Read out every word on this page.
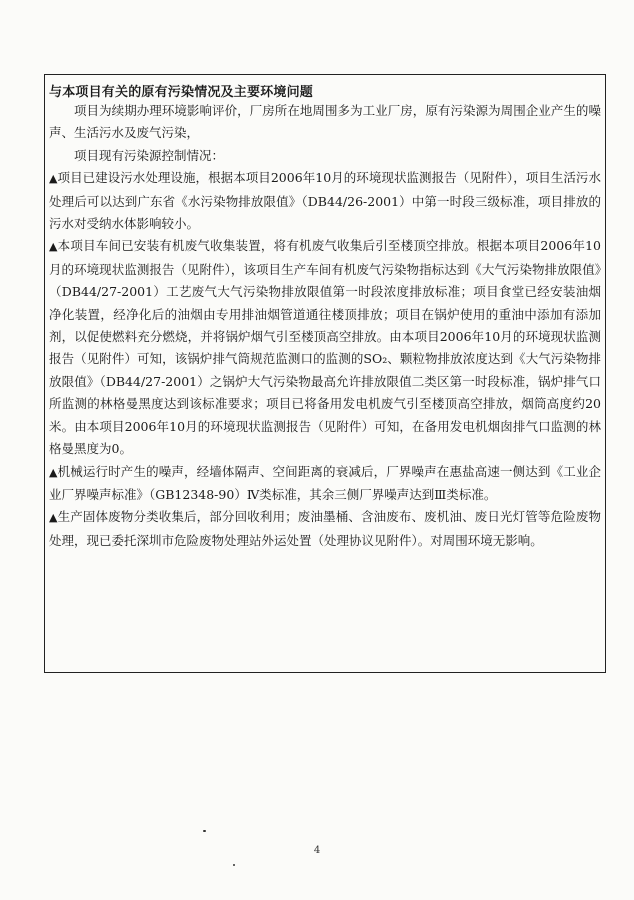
与本项目有关的原有污染情况及主要环境问题

项目为续期办理环境影响评价，厂房所在地周围多为工业厂房，原有污染源为周围企业产生的噪声、生活污水及废气污染，

项目现有污染源控制情况：

▲项目已建设污水处理设施，根据本项目2006年10月的环境现状监测报告（见附件），项目生活污水处理后可以达到广东省《水污染物排放限值》（DB44/26-2001）中第一时段三级标准，项目排放的污水对受纳水体影响较小。

▲本项目车间已安装有机废气收集装置，将有机废气收集后引至楼顶空排放。根据本项目2006年10月的环境现状监测报告（见附件），该项目生产车间有机废气污染物指标达到《大气污染物排放限值》（DB44/27-2001）工艺废气大气污染物排放限值第一时段浓度排放标准；项目食堂已经安装油烟净化装置，经净化后的油烟由专用排油烟管道通往楼顶排放；项目在锅炉使用的重油中添加有添加剂，以促使燃料充分燃烧，并将锅炉烟气引至楼顶高空排放。由本项目2006年10月的环境现状监测报告（见附件）可知，该锅炉排气筒规范监测口的监测的SO₂、颗粒物排放浓度达到《大气污染物排放限值》（DB44/27-2001）之锅炉大气污染物最高允许排放限值二类区第一时段标准，锅炉排气口所监测的林格曼黑度达到该标准要求；项目已将备用发电机废气引至楼顶高空排放，烟筒高度约20米。由本项目2006年10月的环境现状监测报告（见附件）可知，在备用发电机烟囱排气口监测的林格曼黑度为0。

▲机械运行时产生的噪声，经墙体隔声、空间距离的衰减后，厂界噪声在惠盐高速一侧达到《工业企业厂界噪声标准》（GB12348-90）Ⅳ类标准，其余三侧厂界噪声达到Ⅲ类标准。

▲生产固体废物分类收集后，部分回收利用；废油墨桶、含油废布、废机油、废日光灯管等危险废物处理，现已委托深圳市危险废物处理站外运处置（处理协议见附件）。对周围环境无影响。

4
